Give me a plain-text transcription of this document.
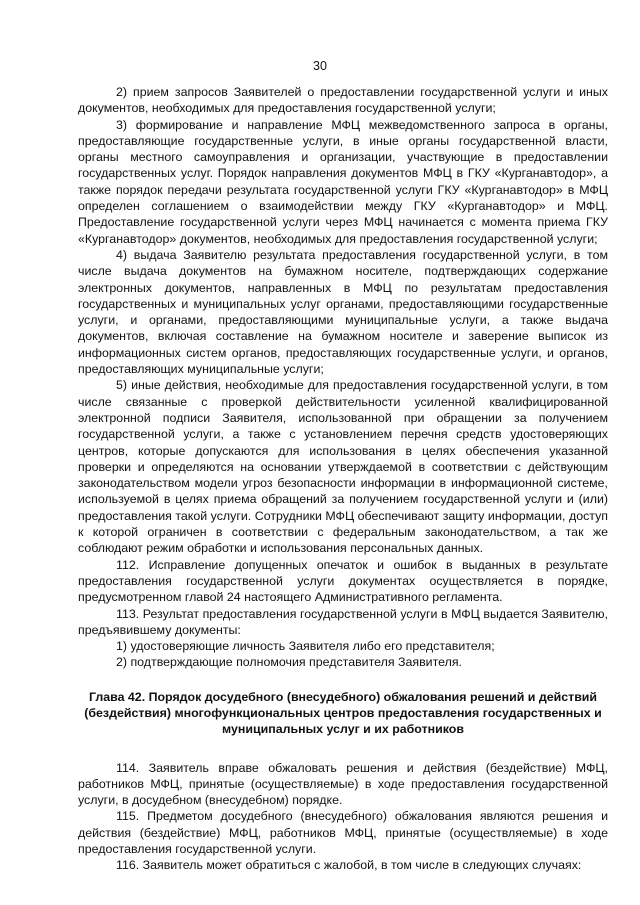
30

2) прием запросов Заявителей о предоставлении государственной услуги и иных документов, необходимых для предоставления государственной услуги;

3) формирование и направление МФЦ межведомственного запроса в органы, предоставляющие государственные услуги, в иные органы государственной власти, органы местного самоуправления и организации, участвующие в предоставлении государственных услуг. Порядок направления документов МФЦ в ГКУ «Курганавтодор», а также порядок передачи результата государственной услуги ГКУ «Курганавтодор» в МФЦ определен соглашением о взаимодействии между ГКУ «Курганавтодор» и МФЦ. Предоставление государственной услуги через МФЦ начинается с момента приема ГКУ «Курганавтодор» документов, необходимых для предоставления государственной услуги;

4) выдача Заявителю результата предоставления государственной услуги, в том числе выдача документов на бумажном носителе, подтверждающих содержание электронных документов, направленных в МФЦ по результатам предоставления государственных и муниципальных услуг органами, предоставляющими государственные услуги, и органами, предоставляющими муниципальные услуги, а также выдача документов, включая составление на бумажном носителе и заверение выписок из информационных систем органов, предоставляющих государственные услуги, и органов, предоставляющих муниципальные услуги;

5) иные действия, необходимые для предоставления государственной услуги, в том числе связанные с проверкой действительности усиленной квалифицированной электронной подписи Заявителя, использованной при обращении за получением государственной услуги, а также с установлением перечня средств удостоверяющих центров, которые допускаются для использования в целях обеспечения указанной проверки и определяются на основании утверждаемой в соответствии с действующим законодательством модели угроз безопасности информации в информационной системе, используемой в целях приема обращений за получением государственной услуги и (или) предоставления такой услуги. Сотрудники МФЦ обеспечивают защиту информации, доступ к которой ограничен в соответствии с федеральным законодательством, а так же соблюдают режим обработки и использования персональных данных.

112. Исправление допущенных опечаток и ошибок в выданных в результате предоставления государственной услуги документах осуществляется в порядке, предусмотренном главой 24 настоящего Административного регламента.

113. Результат предоставления государственной услуги в МФЦ выдается Заявителю, предъявившему документы:

1) удостоверяющие личность Заявителя либо его представителя;

2) подтверждающие полномочия представителя Заявителя.

Глава 42. Порядок досудебного (внесудебного) обжалования решений и действий (бездействия) многофункциональных центров предоставления государственных и муниципальных услуг и их работников

114. Заявитель вправе обжаловать решения и действия (бездействие) МФЦ, работников МФЦ, принятые (осуществляемые) в ходе предоставления государственной услуги, в досудебном (внесудебном) порядке.

115. Предметом досудебного (внесудебного) обжалования являются решения и действия (бездействие) МФЦ, работников МФЦ, принятые (осуществляемые) в ходе предоставления государственной услуги.

116. Заявитель может обратиться с жалобой, в том числе в следующих случаях:
